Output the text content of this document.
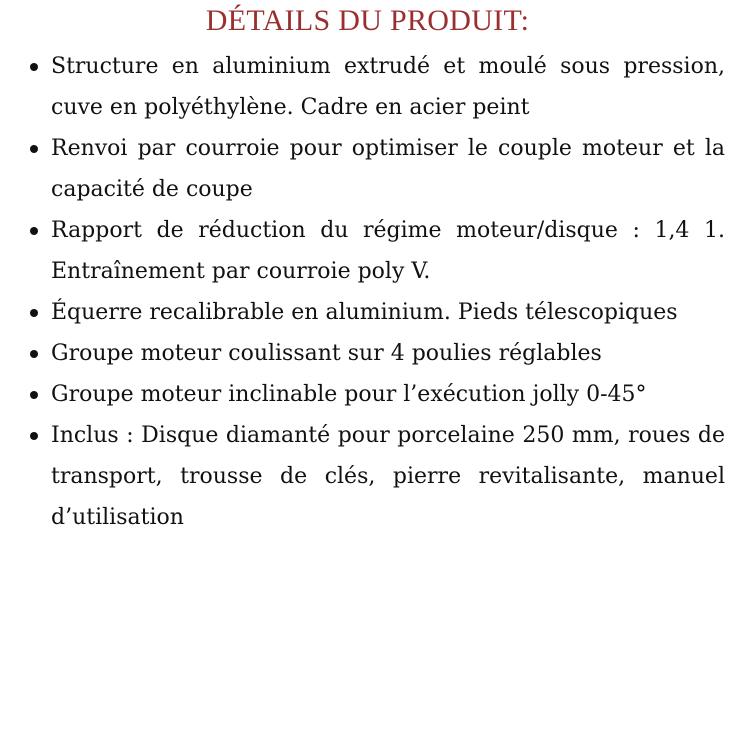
DÉTAILS DU PRODUIT:
Structure en aluminium extrudé et moulé sous pression, cuve en polyéthylène. Cadre en acier peint
Renvoi par courroie pour optimiser le couple moteur et la capacité de coupe
Rapport de réduction du régime moteur/disque : 1,4 1. Entraînement par courroie poly V.
Équerre recalibrable en aluminium. Pieds télescopiques
Groupe moteur coulissant sur 4 poulies réglables
Groupe moteur inclinable pour l’exécution jolly 0-45°
Inclus : Disque diamanté pour porcelaine 250 mm, roues de transport, trousse de clés, pierre revitalisante, manuel d’utilisation
